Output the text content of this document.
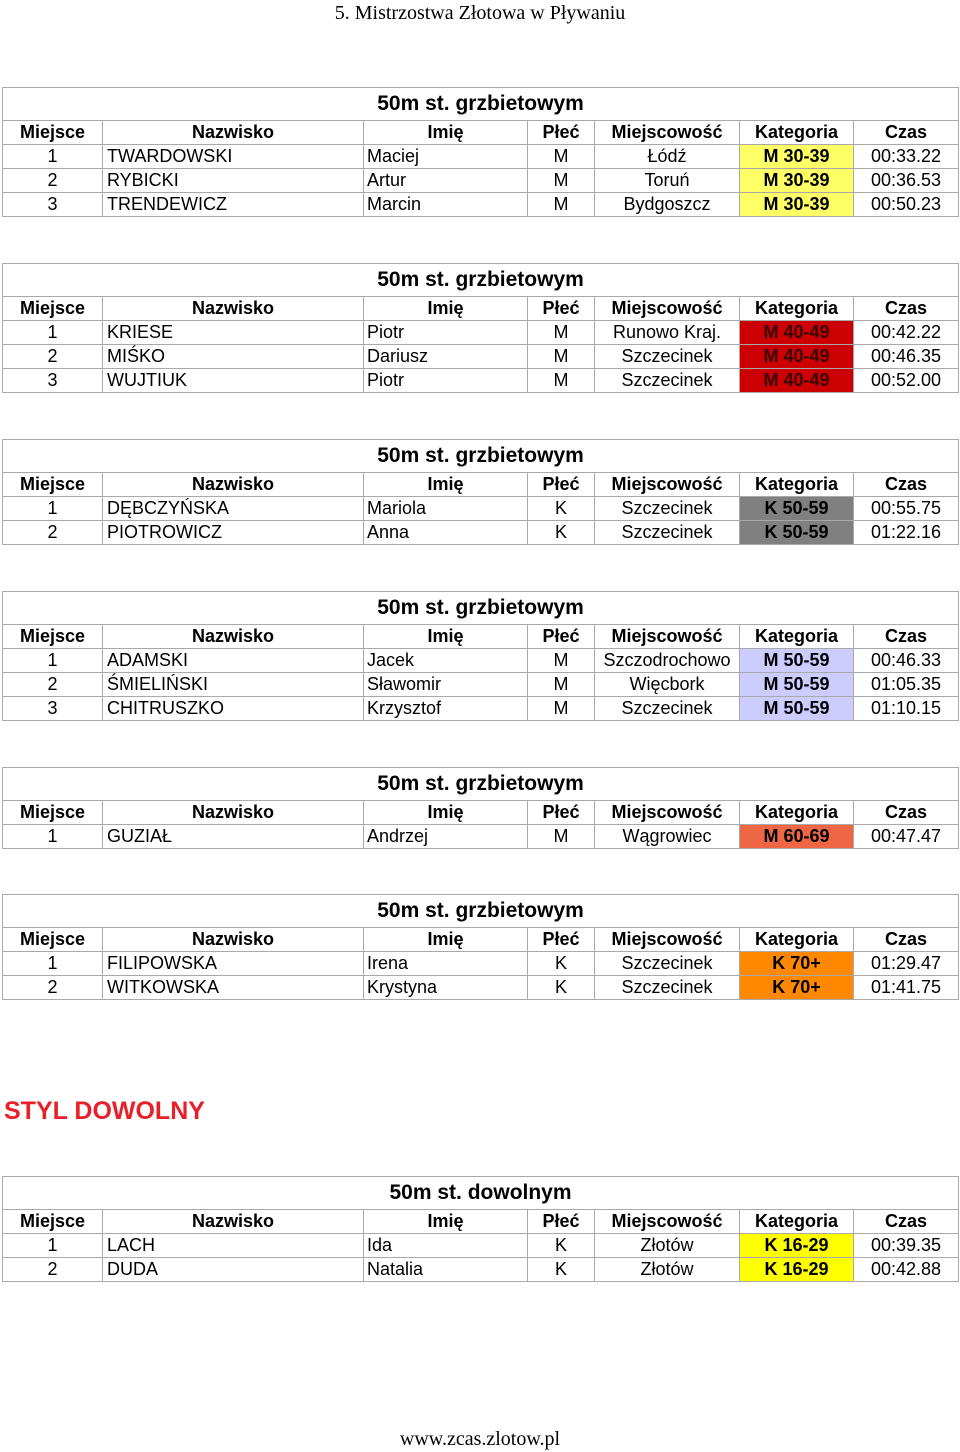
5. Mistrzostwa Złotowa w Pływaniu
50m st. grzbietowym						
Miejsce	Nazwisko	Imię	Płeć	Miejscowość	Kategoria	Czas
1	TWARDOWSKI	Maciej	M	Łódź	M 30-39	00:33.22
2	RYBICKI	Artur	M	Toruń	M 30-39	00:36.53
3	TRENDEWICZ	Marcin	M	Bydgoszcz	M 30-39	00:50.23
50m st. grzbietowym						
Miejsce	Nazwisko	Imię	Płeć	Miejscowość	Kategoria	Czas
1	KRIESE	Piotr	M	Runowo Kraj.	M 40-49	00:42.22
2	MIŚKO	Dariusz	M	Szczecinek	M 40-49	00:46.35
3	WUJTIUK	Piotr	M	Szczecinek	M 40-49	00:52.00
50m st. grzbietowym						
Miejsce	Nazwisko	Imię	Płeć	Miejscowość	Kategoria	Czas
1	DĘBCZYŃSKA	Mariola	K	Szczecinek	K 50-59	00:55.75
2	PIOTROWICZ	Anna	K	Szczecinek	K 50-59	01:22.16
50m st. grzbietowym						
Miejsce	Nazwisko	Imię	Płeć	Miejscowość	Kategoria	Czas
1	ADAMSKI	Jacek	M	Szczodrochowo	M 50-59	00:46.33
2	ŚMIELIŃSKI	Sławomir	M	Więcbork	M 50-59	01:05.35
3	CHITRUSZKO	Krzysztof	M	Szczecinek	M 50-59	01:10.15
50m st. grzbietowym						
Miejsce	Nazwisko	Imię	Płeć	Miejscowość	Kategoria	Czas
1	GUZIAŁ	Andrzej	M	Wągrowiec	M 60-69	00:47.47
50m st. grzbietowym						
Miejsce	Nazwisko	Imię	Płeć	Miejscowość	Kategoria	Czas
1	FILIPOWSKA	Irena	K	Szczecinek	K 70+	01:29.47
2	WITKOWSKA	Krystyna	K	Szczecinek	K 70+	01:41.75
50m st. dowolnym						
Miejsce	Nazwisko	Imię	Płeć	Miejscowość	Kategoria	Czas
1	LACH	Ida	K	Złotów	K 16-29	00:39.35
2	DUDA	Natalia	K	Złotów	K 16-29	00:42.88
STYL DOWOLNY
www.zcas.zlotow.pl
